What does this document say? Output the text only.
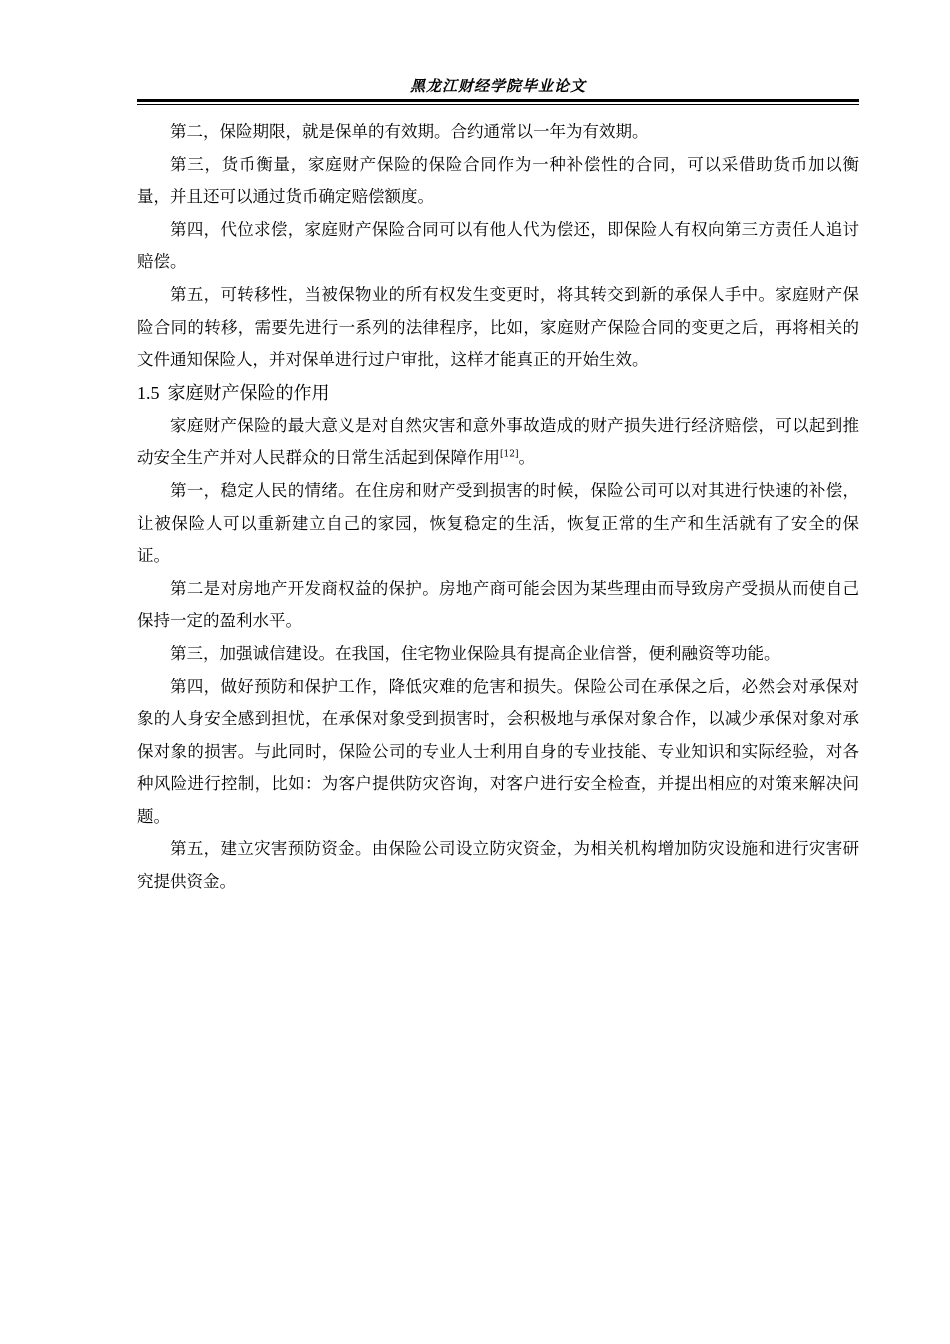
黑龙江财经学院毕业论文

第二，保险期限，就是保单的有效期。合约通常以一年为有效期。

第三，货币衡量，家庭财产保险的保险合同作为一种补偿性的合同，可以采借助货币加以衡量，并且还可以通过货币确定赔偿额度。

第四，代位求偿，家庭财产保险合同可以有他人代为偿还，即保险人有权向第三方责任人追讨赔偿。

第五，可转移性，当被保物业的所有权发生变更时，将其转交到新的承保人手中。家庭财产保险合同的转移，需要先进行一系列的法律程序，比如，家庭财产保险合同的变更之后，再将相关的文件通知保险人，并对保单进行过户审批，这样才能真正的开始生效。

1.5 家庭财产保险的作用

家庭财产保险的最大意义是对自然灾害和意外事故造成的财产损失进行经济赔偿，可以起到推动安全生产并对人民群众的日常生活起到保障作用[12]。

第一，稳定人民的情绪。在住房和财产受到损害的时候，保险公司可以对其进行快速的补偿，让被保险人可以重新建立自己的家园，恢复稳定的生活，恢复正常的生产和生活就有了安全的保证。

第二是对房地产开发商权益的保护。房地产商可能会因为某些理由而导致房产受损从而使自己保持一定的盈利水平。

第三，加强诚信建设。在我国，住宅物业保险具有提高企业信誉，便利融资等功能。

第四，做好预防和保护工作，降低灾难的危害和损失。保险公司在承保之后，必然会对承保对象的人身安全感到担忧，在承保对象受到损害时，会积极地与承保对象合作，以减少承保对象对承保对象的损害。与此同时，保险公司的专业人士利用自身的专业技能、专业知识和实际经验，对各种风险进行控制，比如：为客户提供防灾咨询，对客户进行安全检查，并提出相应的对策来解决问题。

第五，建立灾害预防资金。由保险公司设立防灾资金，为相关机构增加防灾设施和进行灾害研究提供资金。
